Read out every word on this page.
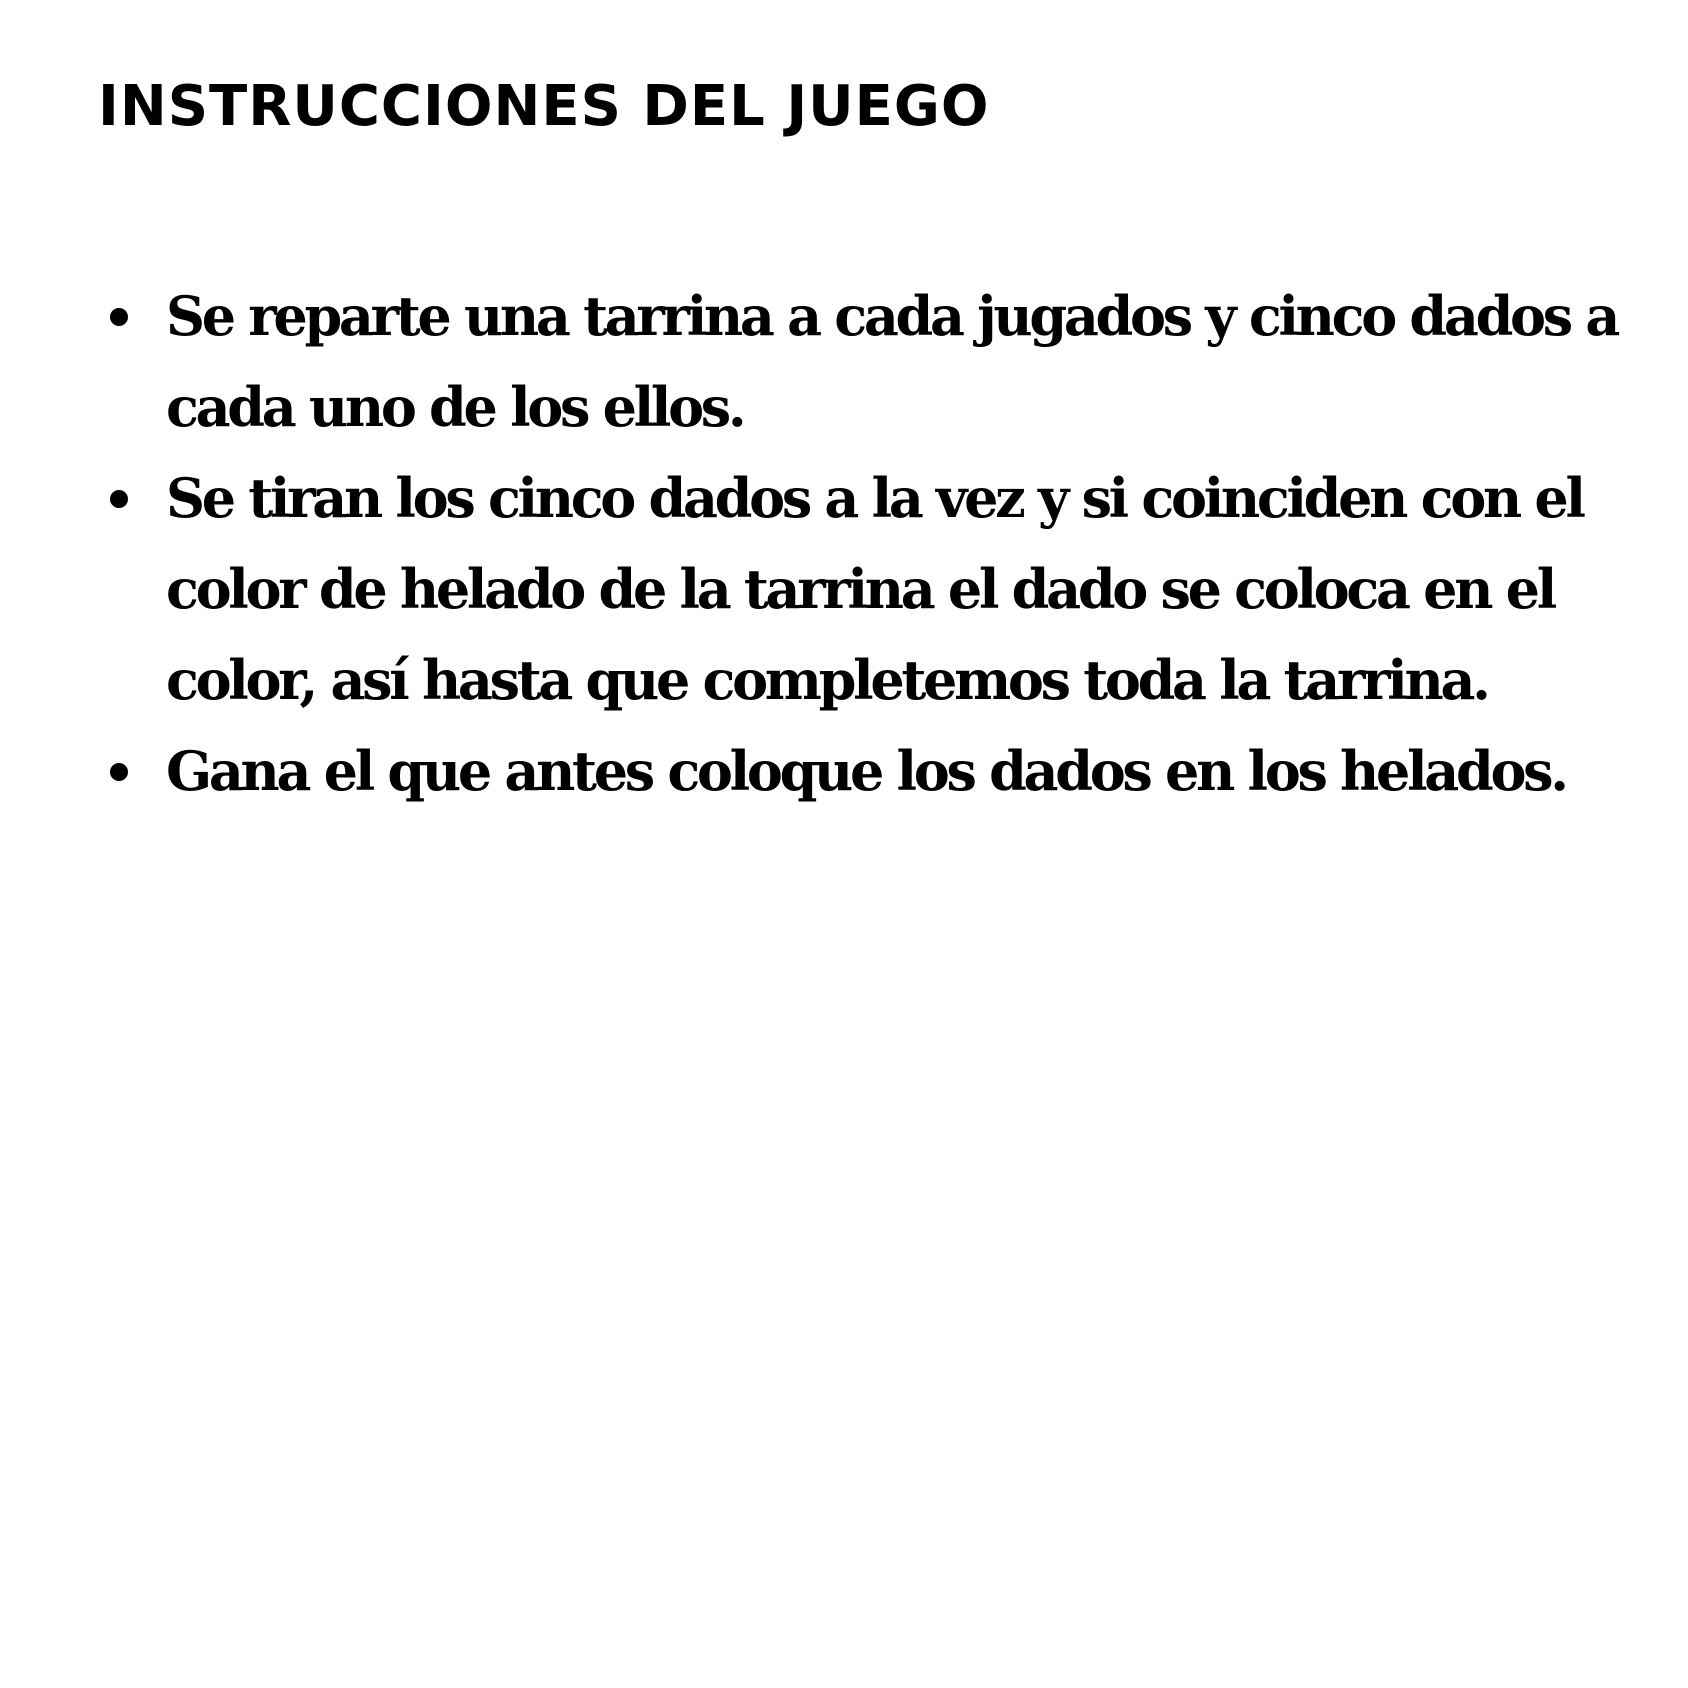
INSTRUCCIONES DEL JUEGO
Se reparte una tarrina a cada jugados y cinco dados a cada uno de los ellos.
Se tiran los cinco dados a la vez y si coinciden con el color de helado de la tarrina el dado se coloca en el color, así hasta que completemos toda la tarrina.
Gana el que antes coloque los dados en los helados.
